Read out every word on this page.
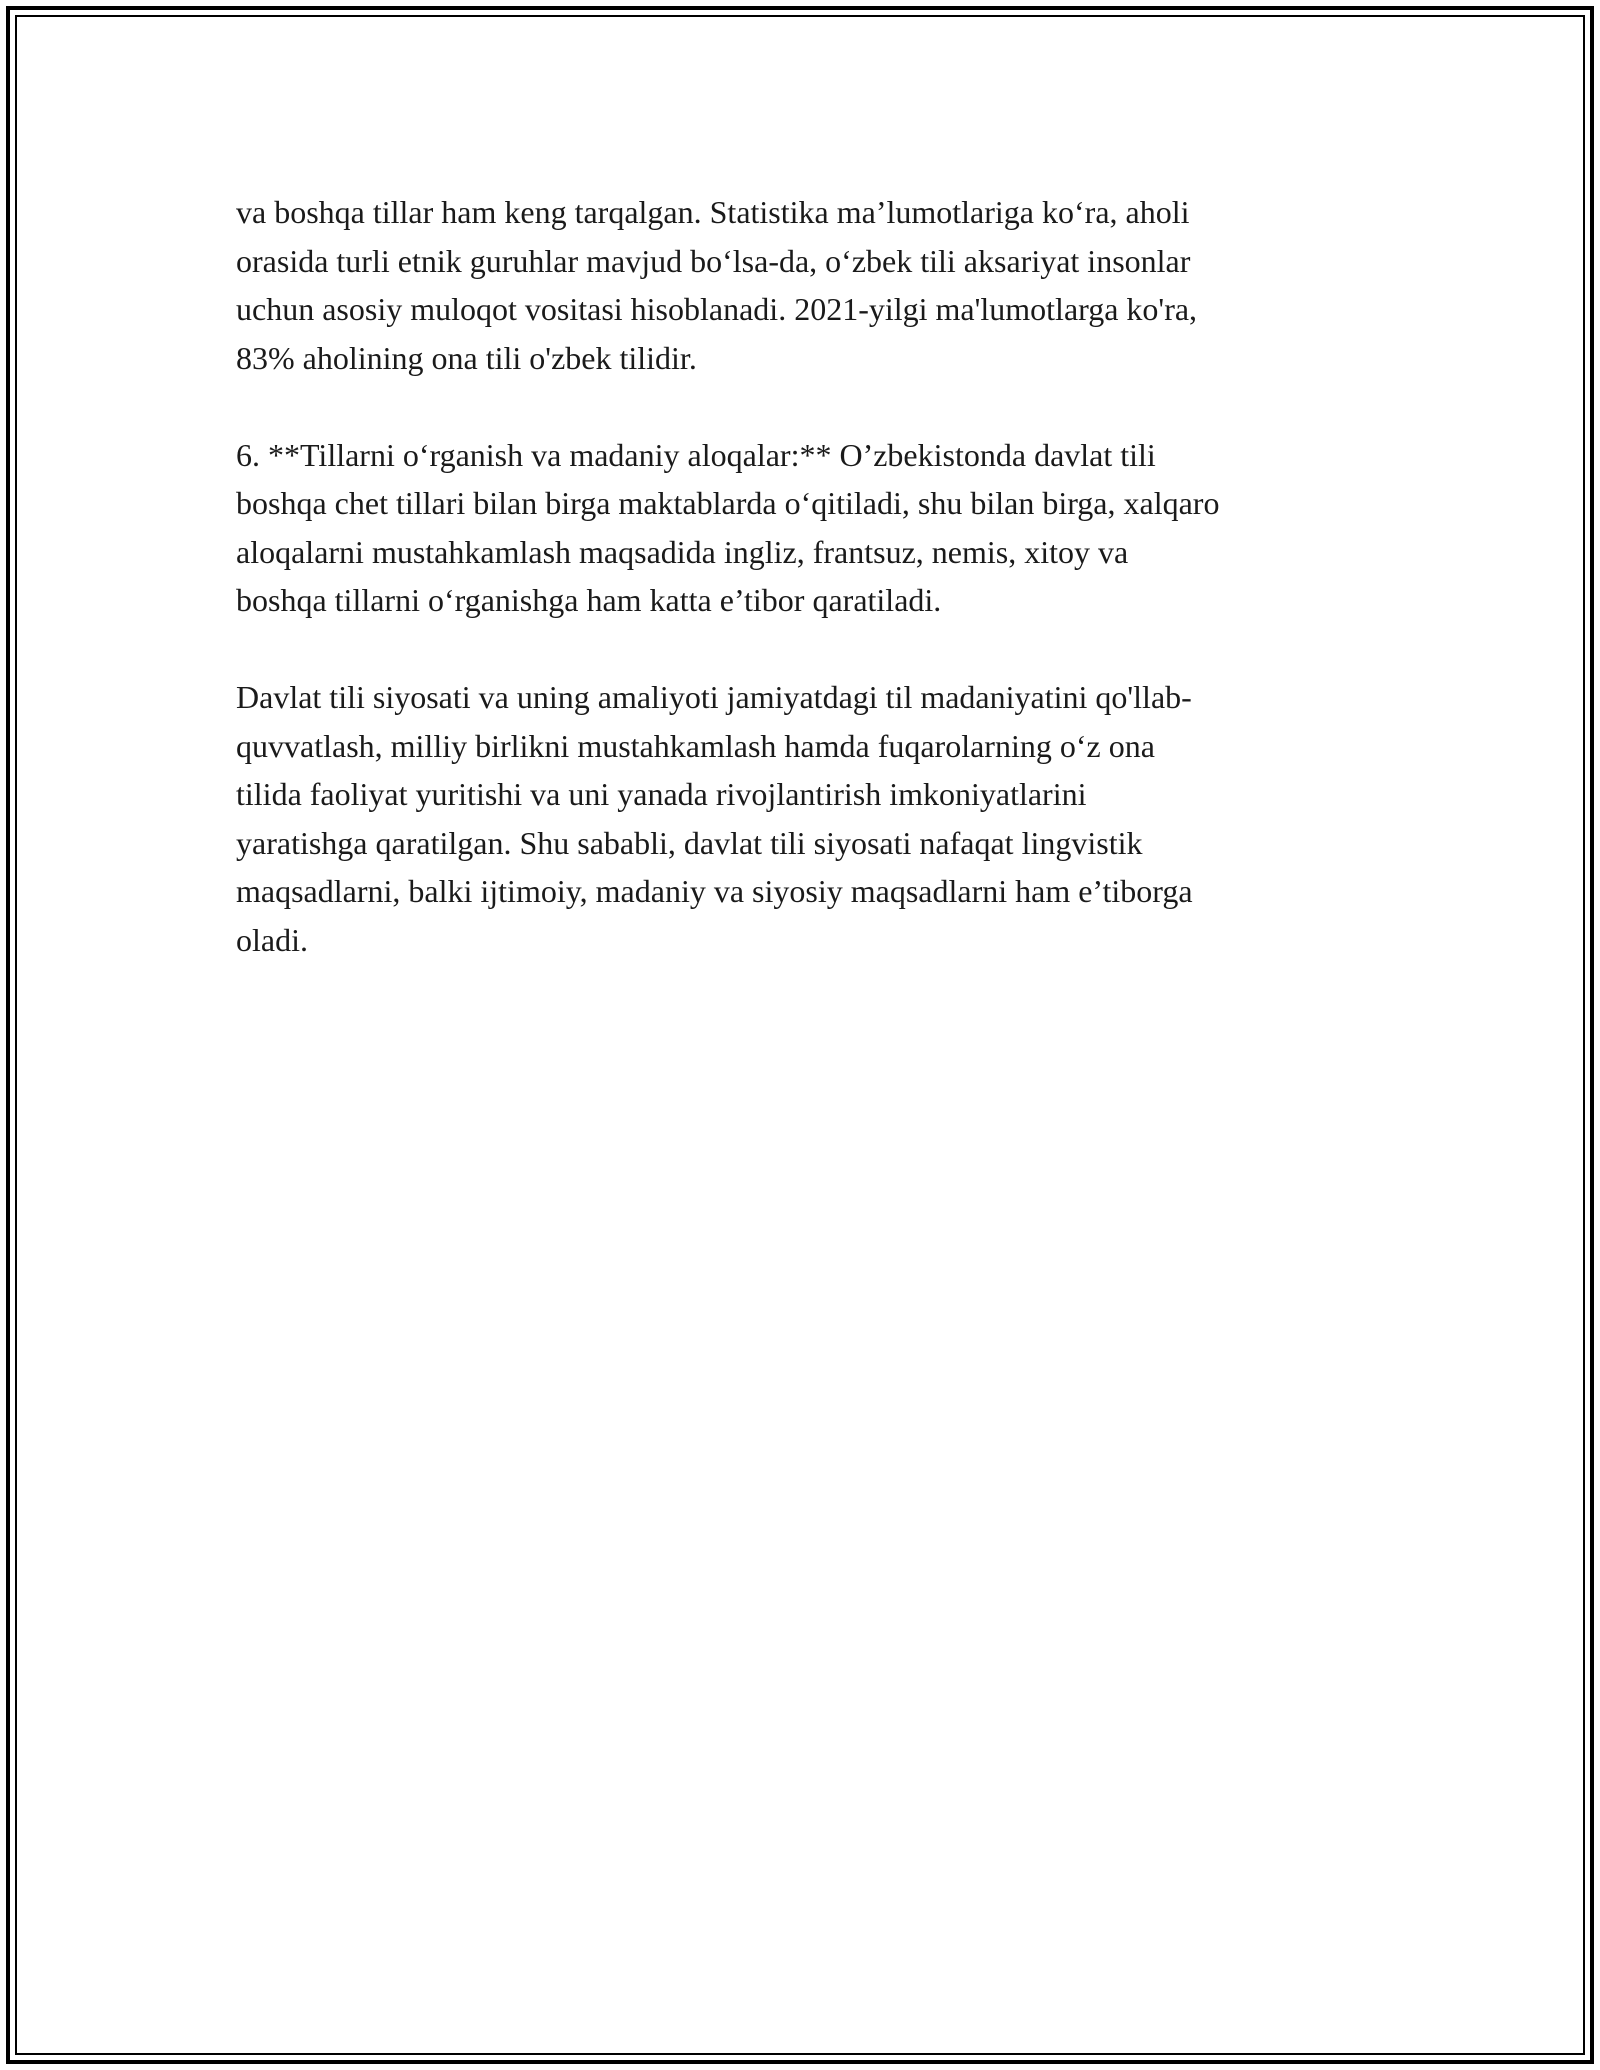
va boshqa tillar ham keng tarqalgan. Statistika ma’lumotlariga ko‘ra, aholi
orasida turli etnik guruhlar mavjud bo‘lsa-da, o‘zbek tili aksariyat insonlar
uchun asosiy muloqot vositasi hisoblanadi. 2021-yilgi ma'lumotlarga ko'ra,
83% aholining ona tili o'zbek tilidir.

6. **Tillarni o‘rganish va madaniy aloqalar:** O’zbekistonda davlat tili
boshqa chet tillari bilan birga maktablarda o‘qitiladi, shu bilan birga, xalqaro
aloqalarni mustahkamlash maqsadida ingliz, frantsuz, nemis, xitoy va
boshqa tillarni o‘rganishga ham katta e’tibor qaratiladi.

Davlat tili siyosati va uning amaliyoti jamiyatdagi til madaniyatini qo'llab-
quvvatlash, milliy birlikni mustahkamlash hamda fuqarolarning o‘z ona
tilida faoliyat yuritishi va uni yanada rivojlantirish imkoniyatlarini
yaratishga qaratilgan. Shu sababli, davlat tili siyosati nafaqat lingvistik
maqsadlarni, balki ijtimoiy, madaniy va siyosiy maqsadlarni ham e’tiborga
oladi.
